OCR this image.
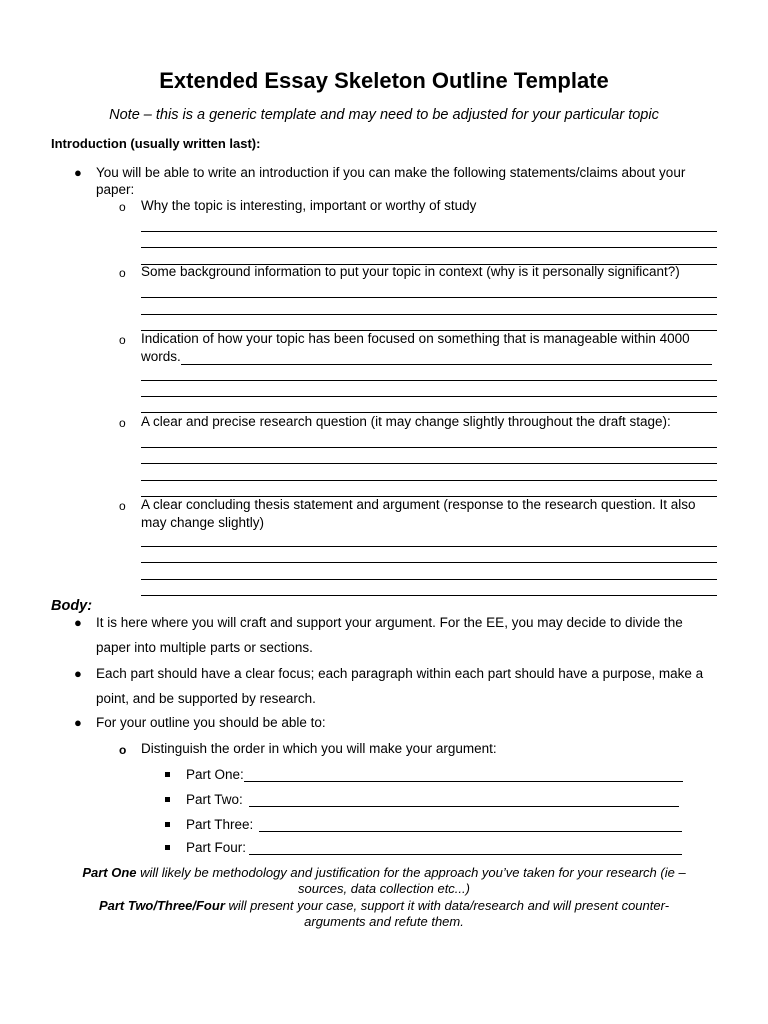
Extended Essay Skeleton Outline Template
Note – this is a generic template and may need to be adjusted for your particular topic
Introduction (usually written last):
● You will be able to write an introduction if you can make the following statements/claims about your
paper:
o Why the topic is interesting, important or worthy of study
o Some background information to put your topic in context (why is it personally significant?)
o Indication of how your topic has been focused on something that is manageable within 4000
words.
o A clear and precise research question (it may change slightly throughout the draft stage):
o A clear concluding thesis statement and argument (response to the research question. It also
may change slightly)
Body:
● It is here where you will craft and support your argument. For the EE, you may decide to divide the
paper into multiple parts or sections.
● Each part should have a clear focus; each paragraph within each part should have a purpose, make a
point, and be supported by research.
● For your outline you should be able to:
o Distinguish the order in which you will make your argument:
Part One:
Part Two:
Part Three:
Part Four:
Part One will likely be methodology and justification for the approach you’ve taken for your research (ie –
sources, data collection etc...)
Part Two/Three/Four will present your case, support it with data/research and will present counter-
arguments and refute them.
